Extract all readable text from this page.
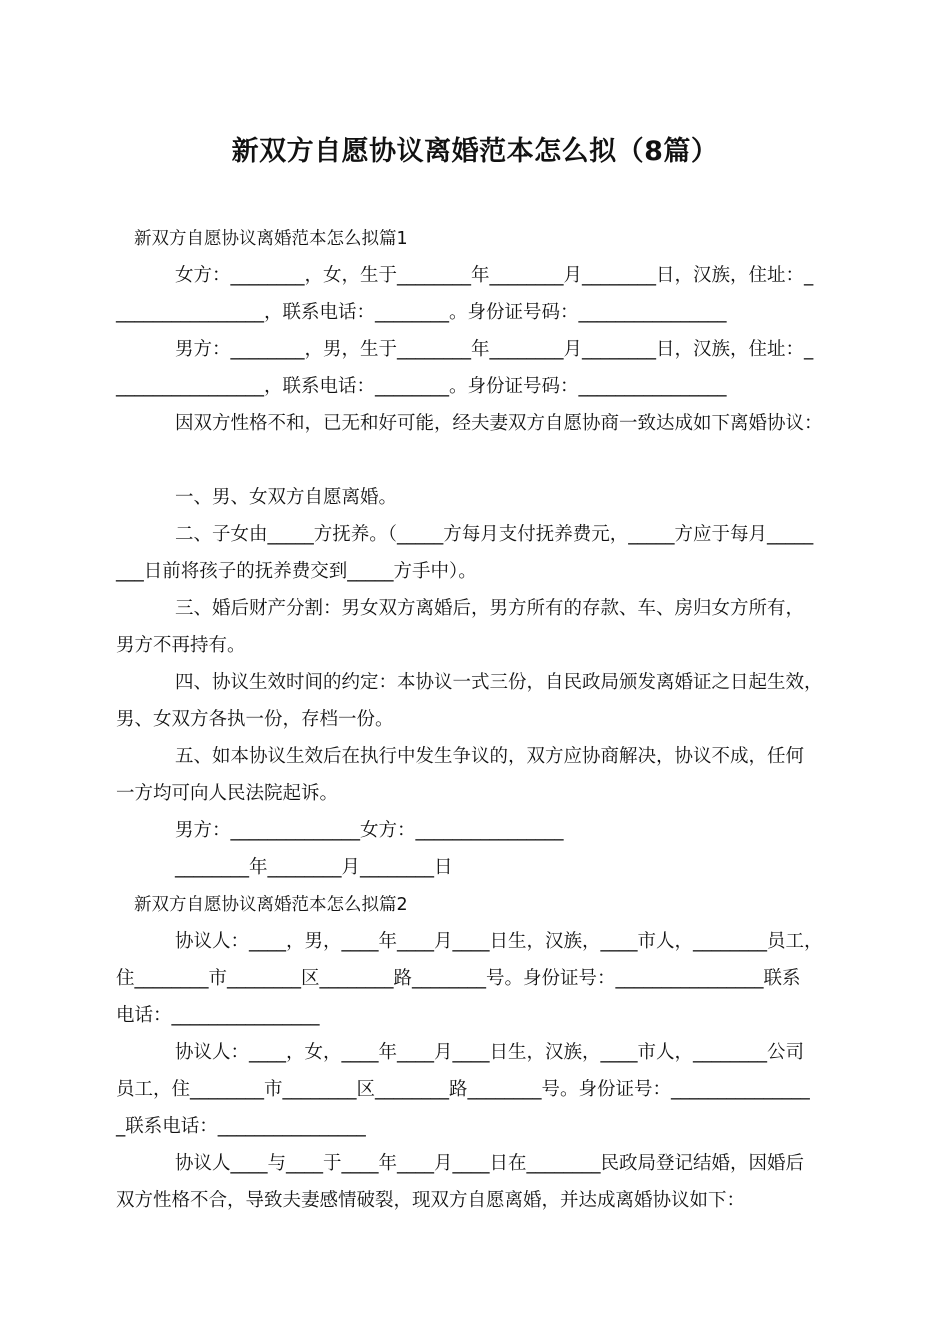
新双方自愿协议离婚范本怎么拟（8篇）
新双方自愿协议离婚范本怎么拟篇1
女方：________，女，生于________年________月________日，汉族，住址：_
________________，联系电话：________。身份证号码：________________
男方：________，男，生于________年________月________日，汉族，住址：_
________________，联系电话：________。身份证号码：________________
因双方性格不和，已无和好可能，经夫妻双方自愿协商一致达成如下离婚协议：
一、男、女双方自愿离婚。
二、子女由_____方抚养。（_____方每月支付抚养费元，_____方应于每月_____
___日前将孩子的抚养费交到_____方手中）。
三、婚后财产分割：男女双方离婚后，男方所有的存款、车、房归女方所有，
男方不再持有。
四、协议生效时间的约定：本协议一式三份，自民政局颁发离婚证之日起生效，
男、女双方各执一份，存档一份。
五、如本协议生效后在执行中发生争议的，双方应协商解决，协议不成，任何
一方均可向人民法院起诉。
男方：______________女方：________________
________年________月________日
新双方自愿协议离婚范本怎么拟篇2
协议人：____，男，____年____月____日生，汉族，____市人，________员工，
住________市________区________路________号。身份证号：________________联系
电话：________________
协议人：____，女，____年____月____日生，汉族，____市人，________公司
员工，住________市________区________路________号。身份证号：_______________
_联系电话：________________
协议人____与____于____年____月____日在________民政局登记结婚，因婚后
双方性格不合，导致夫妻感情破裂，现双方自愿离婚，并达成离婚协议如下：
